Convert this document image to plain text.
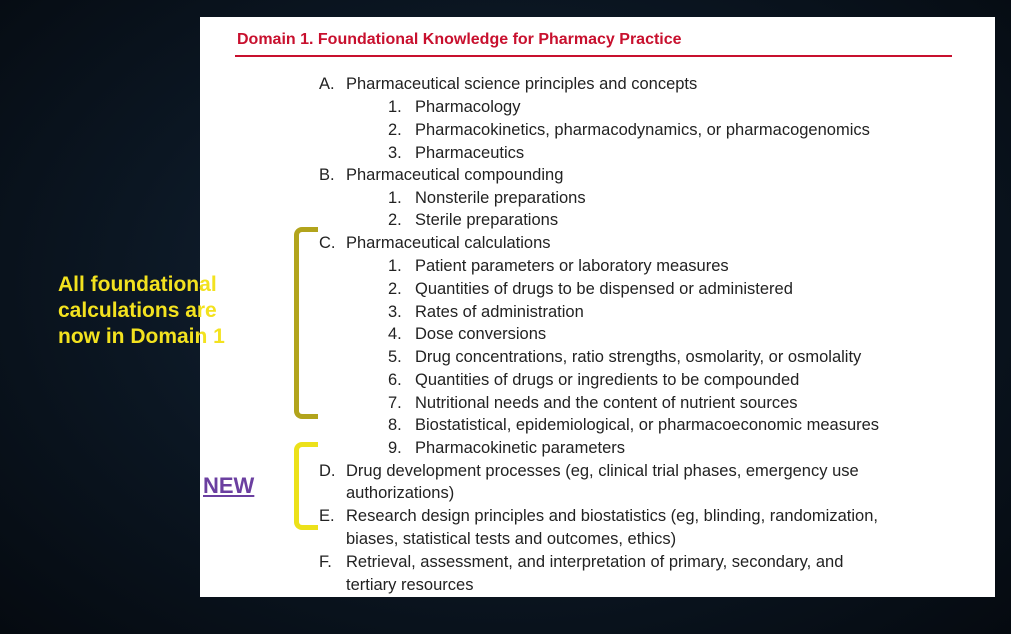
Domain 1. Foundational Knowledge for Pharmacy Practice
A. Pharmaceutical science principles and concepts
1. Pharmacology
2. Pharmacokinetics, pharmacodynamics, or pharmacogenomics
3. Pharmaceutics
B. Pharmaceutical compounding
1. Nonsterile preparations
2. Sterile preparations
C. Pharmaceutical calculations
1. Patient parameters or laboratory measures
2. Quantities of drugs to be dispensed or administered
3. Rates of administration
4. Dose conversions
5. Drug concentrations, ratio strengths, osmolarity, or osmolality
6. Quantities of drugs or ingredients to be compounded
7. Nutritional needs and the content of nutrient sources
8. Biostatistical, epidemiological, or pharmacoeconomic measures
9. Pharmacokinetic parameters
D. Drug development processes (eg, clinical trial phases, emergency use
authorizations)
E. Research design principles and biostatistics (eg, blinding, randomization,
biases, statistical tests and outcomes, ethics)
F. Retrieval, assessment, and interpretation of primary, secondary, and
tertiary resources

All foundational
calculations are
now in Domain 1

NEW
